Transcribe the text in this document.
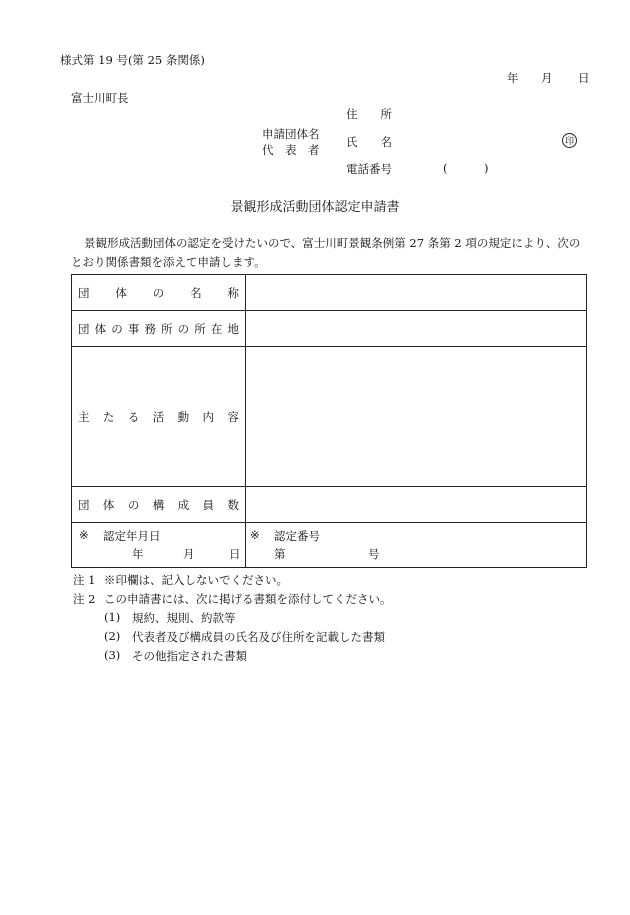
様式第 19 号(第 25 条関係)
年 月 日
富士川町長
住　　所
申請団体名
代　表　者
氏　　名	印
電話番号	(	)
景観形成活動団体認定申請書
景観形成活動団体の認定を受けたいので、富士川町景観条例第 27 条第 2 項の規定により、次の
とおり関係書類を添えて申請します。
団 体 の 名 称
団 体 の 事 務 所 の 所 在 地
主 た る 活 動 内 容
団 体 の 構 成 員 数
※ 認定年月日
年	月	日
※ 認定番号
第	号
注 1 ※印欄は、記入しないでください。
注 2 この申請書には、次に掲げる書類を添付してください。
(1) 規約、規則、約款等
(2) 代表者及び構成員の氏名及び住所を記載した書類
(3) その他指定された書類
